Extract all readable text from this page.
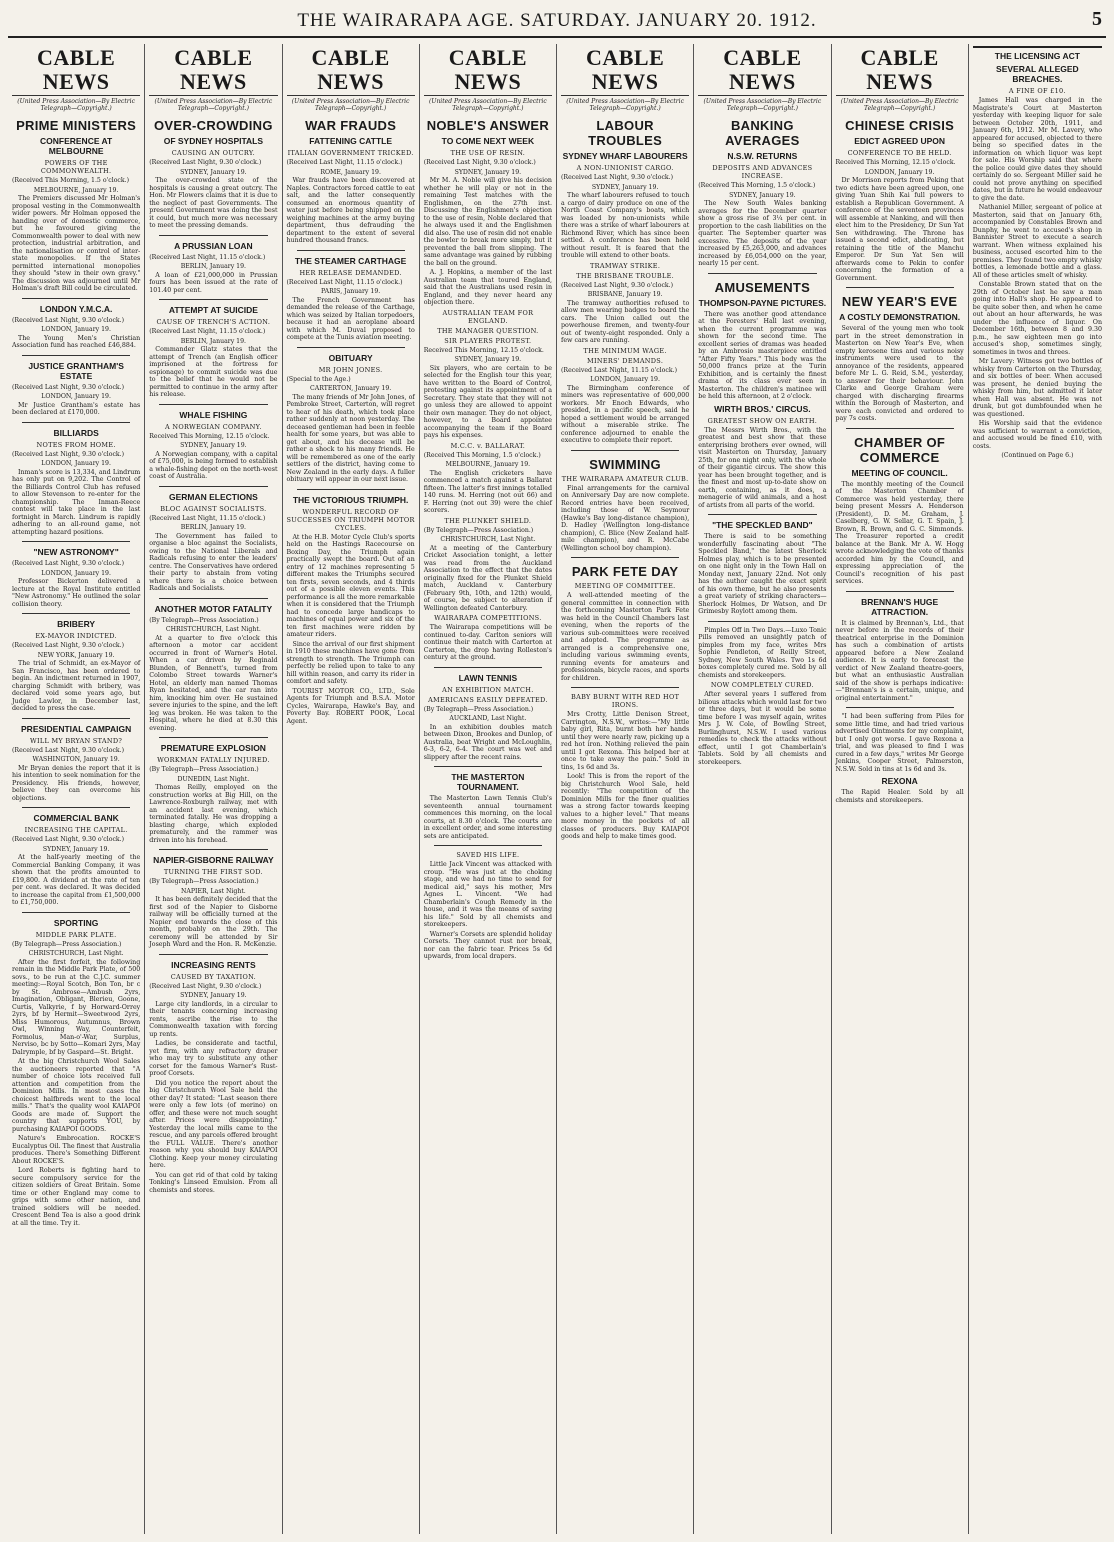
THE WAIRARAPA AGE. SATURDAY. JANUARY 20. 1912.	5
CABLE NEWS
(United Press Association—By Electric Telegraph—Copyright.)
PRIME MINISTERS
CONFERENCE AT MELBOURNE
POWERS OF THE COMMONWEALTH.
(Received This Morning, 1.5 o'clock.)
MELBOURNE, January 19.

The Premiers discussed Mr Holman's proposal vesting in the Commonwealth wider powers. Mr Holman opposed the handing over of domestic commerce, but he favoured giving the Commonwealth power to deal with new protection, industrial arbitration, and the nationalisation or control of inter-state monopolies. If the States permitted international monopolies they should "stew in their own gravy." The discussion was adjourned until Mr Holman's draft Bill could be circulated.

LONDON Y.M.C.A.
(Received Last Night, 9.30 o'clock.)
LONDON, January 19.

The Young Men's Christian Association fund has reached £46,884.

JUSTICE GRANTHAM'S ESTATE
(Received Last Night, 9.30 o'clock.)
LONDON, January 19.

Mr Justice Grantham's estate has been declared at £170,000.

BILLIARDS
NOTES FROM HOME.
(Received Last Night, 9.30 o'clock.)
LONDON, January 19.

Inman's score is 13,334, and Lindrum has only put on 9,202. The Control of the Billiards Control Club has refused to allow Stevenson to re-enter for the championship. The Inman-Reece contest will take place in the last fortnight in March. Lindrum is rapidly adhering to an all-round game, not attempting hazard positions.

"NEW ASTRONOMY"
(Received Last Night, 9.30 o'clock.)
LONDON, January 19.

Professor Bickerton delivered a lecture at the Royal Institute entitled "New Astronomy." He outlined the solar collision theory.

BRIBERY
EX-MAYOR INDICTED.
(Received Last Night, 9.30 o'clock.)
NEW YORK, January 19.

The trial of Schmidt, an ex-Mayor of San Francisco, has been ordered to begin. An indictment returned in 1907, charging Schmidt with bribery, was declared void some years ago, but Judge Lawlor, in December last, decided to press the case.

PRESIDENTIAL CAMPAIGN
WILL MY BRYAN STAND?
(Received Last Night, 9.30 o'clock.)
WASHINGTON, January 19.

Mr Bryan denies the report that it is his intention to seek nomination for the Presidency. His friends, however, believe they can overcome his objections.

COMMERCIAL BANK
INCREASING THE CAPITAL.
(Received Last Night, 9.30 o'clock.)
SYDNEY, January 19.

At the half-yearly meeting of the Commercial Banking Company, it was shown that the profits amounted to £19,800. A dividend at the rate of ten per cent. was declared. It was decided to increase the capital from £1,500,000 to £1,750,000.

SPORTING
MIDDLE PARK PLATE.
(By Telegraph—Press Association.)
CHRISTCHURCH, Last Night.

After the first forfeit, the following remain in the Middle Park Plate, of 500 sovs., to be run at the C.J.C. summer meeting:—Royal Scotch, Bon Ton, br c by St. Ambrose—Ambush 2yrs, Imagination, Obligant, Blerieu, Goone, Curtis, Valkyrie, f by Horward-Orrey 2yrs, bf by Hermit—Sweetwood 2yrs, Miss Humorous, Autumnus, Brown Owl, Winning Way, Counterfeit, Formolus, Man-o'-War, Surplus, Nerviso, bc by Sotto—Komari 2yrs, May Dalrymple, bf by Gaspard—St. Bright.

At the big Christchurch Wool Sales the auctioneers reported that "A number of choice lots received full attention and competition from the Dominion Mills. In most cases the choicest halfbreds went to the local mills." That's the quality wool KAIAPOI Goods are made of. Support the country that supports YOU, by purchasing KAIAPOI GOODS.

Nature's Embrocation. ROCKE'S Eucalyptus Oil. The finest that Australia produces. There's Something Different About ROCKE'S.

Lord Roberts is fighting hard to secure compulsory service for the citizen soldiers of Great Britain. Some time or other England may come to grips with some other nation, and trained soldiers will be needed. Crescent Bend Tea is also a good drink at all the time. Try it.

CABLE NEWS
(United Press Association—By Electric Telegraph—Copyright.)
OVER-CROWDING
OF SYDNEY HOSPITALS
CAUSING AN OUTCRY.
(Received Last Night, 9.30 o'clock.)
SYDNEY, January 19.

The over-crowded state of the hospitals is causing a great outcry. The Hon. Mr Flowers claims that it is due to the neglect of past Governments. The present Government was doing the best it could, but much more was necessary to meet the pressing demands.

A PRUSSIAN LOAN
(Received Last Night, 11.15 o'clock.)
BERLIN, January 19.

A loan of £21,000,000 in Prussian fours has been issued at the rate of 101.40 per cent.

ATTEMPT AT SUICIDE
CAUSE OF TRENCH'S ACTION.
(Received Last Night, 11.15 o'clock.)
BERLIN, January 19.

Commander Glatz states that the attempt of Trench (an English officer imprisoned at the fortress for espionage) to commit suicide was due to the belief that he would not be permitted to continue in the army after his release.

WHALE FISHING
A NORWEGIAN COMPANY.
Received This Morning, 12.15 o'clock.
SYDNEY, January 19.

A Norwegian company, with a capital of £75,000, is being formed to establish a whale-fishing depot on the north-west coast of Australia.

GERMAN ELECTIONS
BLOC AGAINST SOCIALISTS.
(Received Last Night, 11.15 o'clock.)
BERLIN, January 19.

The Government has failed to organise a bloc against the Socialists, owing to the National Liberals and Radicals refusing to enter the leaders' centre. The Conservatives have ordered their party to abstain from voting where there is a choice between Radicals and Socialists.

ANOTHER MOTOR FATALITY
(By Telegraph—Press Association.)
CHRISTCHURCH, Last Night.

At a quarter to five o'clock this afternoon a motor car accident occurred in front of Warner's Hotel. When a car driven by Reginald Blunden, of Bennett's, turned from Colombo Street towards Warner's Hotel, an elderly man named Thomas Ryan hesitated, and the car ran into him, knocking him over. He sustained severe injuries to the spine, and the left leg was broken. He was taken to the Hospital, where he died at 8.30 this evening.

PREMATURE EXPLOSION
WORKMAN FATALLY INJURED.
(By Telegraph—Press Association.)
DUNEDIN, Last Night.

Thomas Reilly, employed on the construction works at Big Hill, on the Lawrence-Roxburgh railway, met with an accident last evening, which terminated fatally. He was dropping a blasting charge, which exploded prematurely, and the rammer was driven into his forehead.

NAPIER-GISBORNE RAILWAY
TURNING THE FIRST SOD.
(By Telegraph—Press Association.)
NAPIER, Last Night.

It has been definitely decided that the first sod of the Napier to Gisborne railway will be officially turned at the Napier end towards the close of this month, probably on the 29th. The ceremony will be attended by Sir Joseph Ward and the Hon. R. McKenzie.

INCREASING RENTS
CAUSED BY TAXATION.
(Received Last Night, 9.30 o'clock.)
SYDNEY, January 19.

Large city landlords, in a circular to their tenants concerning increasing rents, ascribe the rise to the Commonwealth taxation with forcing up rents.

Ladies, be considerate and tactful, yet firm, with any refractory draper who may try to substitute any other corset for the famous Warner's Rust-proof Corsets.

Did you notice the report about the big Christchurch Wool Sale held the other day? It stated: "Last season there were only a few lots (of merino) on offer, and these were not much sought after. Prices were disappointing." Yesterday the local mills came to the rescue, and any parcels offered brought the FULL VALUE. There's another reason why you should buy KAIAPOI Clothing. Keep your money circulating here.

You can get rid of that cold by taking Tonking's Linseed Emulsion. From all chemists and stores.

CABLE NEWS
(United Press Association—By Electric Telegraph—Copyright.)
WAR FRAUDS
FATTENING CATTLE
ITALIAN GOVERNMENT TRICKED.
(Received Last Night, 11.15 o'clock.)
ROME, January 19.

War frauds have been discovered at Naples. Contractors forced cattle to eat salt, and the latter consequently consumed an enormous quantity of water just before being shipped on the weighing machines at the army buying department, thus defrauding the department to the extent of several hundred thousand francs.

THE STEAMER CARTHAGE
HER RELEASE DEMANDED.
(Received Last Night, 11.15 o'clock.)
PARIS, January 19.

The French Government has demanded the release of the Carthage, which was seized by Italian torpedoers, because it had an aeroplane aboard with which M. Duval proposed to compete at the Tunis aviation meeting.

OBITUARY
MR JOHN JONES.
(Special to the Age.)
CARTERTON, January 19.

The many friends of Mr John Jones, of Pembroke Street, Carterton, will regret to hear of his death, which took place rather suddenly at noon yesterday. The deceased gentleman had been in feeble health for some years, but was able to get about, and his decease will be rather a shock to his many friends. He will be remembered as one of the early settlers of the district, having come to New Zealand in the early days. A fuller obituary will appear in our next issue.

THE VICTORIOUS TRIUMPH.
WONDERFUL RECORD OF SUCCESSES ON TRIUMPH MOTOR CYCLES.

At the H.B. Motor Cycle Club's sports held on the Hastings Racecourse on Boxing Day, the Triumph again practically swept the board. Out of an entry of 12 machines representing 5 different makes the Triumphs secured ten firsts, seven seconds, and 4 thirds out of a possible eleven events. This performance is all the more remarkable when it is considered that the Triumph had to concede large handicaps to machines of equal power and six of the ten first machines were ridden by amateur riders.

Since the arrival of our first shipment in 1910 these machines have gone from strength to strength. The Triumph can perfectly be relied upon to take to any hill within reason, and carry its rider in comfort and safety.

TOURIST MOTOR CO., LTD., Sole Agents for Triumph and B.S.A. Motor Cycles, Wairarapa, Hawke's Bay, and Poverty Bay. ROBERT POOK, Local Agent.

CABLE NEWS
(United Press Association—By Electric Telegraph—Copyright.)
NOBLE'S ANSWER
TO COME NEXT WEEK
THE USE OF RESIN.
(Received Last Night, 9.30 o'clock.)
SYDNEY, January 19.

Mr M. A. Noble will give his decision whether he will play or not in the remaining Test matches with the Englishmen, on the 27th inst. Discussing the Englishmen's objection to the use of resin, Noble declared that he always used it and the Englishmen did also. The use of resin did not enable the bowler to break more simply, but it prevented the ball from slipping. The same advantage was gained by rubbing the ball on the ground.

A. J. Hopkins, a member of the last Australian team that toured England, said that the Australians used resin in England, and they never heard any objection there.

AUSTRALIAN TEAM FOR ENGLAND.
THE MANAGER QUESTION.
SIR PLAYERS PROTEST.
Received This Morning, 12.15 o'clock.
SYDNEY, January 19.

Six players, who are certain to be selected for the English tour this year, have written to the Board of Control, protesting against its appointment of a Secretary. They state that they will not go unless they are allowed to appoint their own manager. They do not object, however, to a Board appointee accompanying the team if the Board pays his expenses.

M.C.C. v. BALLARAT.
(Received This Morning, 1.5 o'clock.)
MELBOURNE, January 19.

The English cricketers have commenced a match against a Ballarat fifteen. The latter's first innings totalled 140 runs. M. Herring (not out 66) and F. Herring (not out 39) were the chief scorers.

THE PLUNKET SHIELD.
(By Telegraph—Press Association.)
CHRISTCHURCH, Last Night.

At a meeting of the Canterbury Cricket Association tonight, a letter was read from the Auckland Association to the effect that the dates originally fixed for the Plunket Shield match, Auckland v. Canterbury (February 9th, 10th, and 12th) would, of course, be subject to alteration if Wellington defeated Canterbury.

WAIRARAPA COMPETITIONS.

The Wairarapa competitions will be continued to-day. Carlton seniors will continue their match with Carterton at Carterton, the drop having Rolleston's century at the ground.

LAWN TENNIS
AN EXHIBITION MATCH.
AMERICANS EASILY DEFEATED.
(By Telegraph—Press Association.)
AUCKLAND, Last Night.

In an exhibition doubles match between Dixon, Brookes and Dunlop, of Australia, beat Wright and McLoughlin, 6-3, 6-2, 6-4. The court was wet and slippery after the recent rains.

THE MASTERTON TOURNAMENT.

The Masterton Lawn Tennis Club's seventeenth annual tournament commences this morning, on the local courts, at 8.30 o'clock. The courts are in excellent order, and some interesting sets are anticipated.

SAVED HIS LIFE.

Little Jack Vincent was attacked with croup. "He was just at the choking stage, and we had no time to send for medical aid," says his mother, Mrs Agnes L. Vincent. "We had Chamberlain's Cough Remedy in the house, and it was the means of saving his life." Sold by all chemists and storekeepers.

Warner's Corsets are splendid holiday Corsets. They cannot rust nor break, nor can the fabric tear. Prices 5s 6d upwards, from local drapers.

CABLE NEWS
(United Press Association—By Electric Telegraph—Copyright.)
LABOUR TROUBLES
SYDNEY WHARF LABOURERS
A NON-UNIONIST CARGO.
(Received Last Night, 9.30 o'clock.)
SYDNEY, January 19.

The wharf labourers refused to touch a cargo of dairy produce on one of the North Coast Company's boats, which was loaded by non-unionists while there was a strike of wharf labourers at Richmond River, which has since been settled. A conference has been held without result. It is feared that the trouble will extend to other boats.

TRAMWAY STRIKE.
THE BRISBANE TROUBLE.
(Received Last Night, 9.30 o'clock.)
BRISBANE, January 19.

The tramway authorities refused to allow men wearing badges to board the cars. The Union called out the powerhouse firemen, and twenty-four out of twenty-eight responded. Only a few cars are running.

THE MINIMUM WAGE.
MINERS' DEMANDS.
(Received Last Night, 11.15 o'clock.)
LONDON, January 19.

The Birmingham conference of miners was representative of 600,000 workers. Mr Enoch Edwards, who presided, in a pacific speech, said he hoped a settlement would be arranged without a miserable strike. The conference adjourned to enable the executive to complete their report.

SWIMMING
THE WAIRARAPA AMATEUR CLUB.

Final arrangements for the carnival on Anniversary Day are now complete. Record entries have been received, including those of W. Seymour (Hawke's Bay long-distance champion), D. Hadley (Wellington long-distance champion), C. Blice (New Zealand half-mile champion), and R. McCabe (Wellington school boy champion).

PARK FETE DAY
MEETING OF COMMITTEE.

A well-attended meeting of the general committee in connection with the forthcoming Masterton Park Fete was held in the Council Chambers last evening, when the reports of the various sub-committees were received and adopted. The programme as arranged is a comprehensive one, including various swimming events, running events for amateurs and professionals, bicycle races, and sports for children.

BABY BURNT WITH RED HOT IRONS.

Mrs Crotty, Little Denison Street, Carrington, N.S.W., writes:—"My little baby girl, Rita, burnt both her hands until they were nearly raw, picking up a red hot iron. Nothing relieved the pain until I got Rexona. This helped her at once to take away the pain." Sold in tins, 1s 6d and 3s.

Look! This is from the report of the big Christchurch Wool Sale, held recently: "The competition of the Dominion Mills for the finer qualities was a strong factor towards keeping values to a higher level." That means more money in the pockets of all classes of producers. Buy KAIAPOI goods and help to make times good.

CABLE NEWS
(United Press Association—By Electric Telegraph—Copyright.)
BANKING AVERAGES
N.S.W. RETURNS
DEPOSITS AND ADVANCES INCREASE.
(Received This Morning, 1.5 o'clock.)
SYDNEY, January 19.

The New South Wales banking averages for the December quarter show a gross rise of 3¼ per cent. in proportion to the cash liabilities on the quarter. The September quarter was excessive. The deposits of the year increased by £5,263,000, and advances increased by £6,054,000 on the year, nearly 15 per cent.

AMUSEMENTS
THOMPSON-PAYNE PICTURES.

There was another good attendance at the Foresters' Hall last evening, when the current programme was shown for the second time. The excellent series of dramas was headed by an Ambrosio masterpiece entitled "After Fifty Years." This body was the 50,000 francs prize at the Turin Exhibition, and is certainly the finest drama of its class ever seen in Masterton. The children's matinee will be held this afternoon, at 2 o'clock.

WIRTH BROS.' CIRCUS.
GREATEST SHOW ON EARTH.

The Messrs Wirth Bros., with the greatest and best show that these enterprising brothers ever owned, will visit Masterton on Thursday, January 25th, for one night only, with the whole of their gigantic circus. The show this year has been brought together, and is the finest and most up-to-date show on earth, containing, as it does, a menagerie of wild animals, and a host of artists from all parts of the world.

"THE SPECKLED BAND"

There is said to be something wonderfully fascinating about "The Speckled Band," the latest Sherlock Holmes play, which is to be presented on one night only in the Town Hall on Monday next, January 22nd. Not only has the author caught the exact spirit of his own theme, but he also presents a great variety of striking characters—Sherlock Holmes, Dr Watson, and Dr Grimesby Roylott among them.

Pimples Off in Two Days.—Luxo Tonic Pills removed an unsightly patch of pimples from my face, writes Mrs Sophie Pendleton, of Reilly Street, Sydney, New South Wales. Two 1s 6d boxes completely cured me. Sold by all chemists and storekeepers.

NOW COMPLETELY CURED.

After several years I suffered from bilious attacks which would last for two or three days, but it would be some time before I was myself again, writes Mrs J. W. Cole, of Bowling Street, Burlinghurst, N.S.W. I used various remedies to check the attacks without effect, until I got Chamberlain's Tablets. Sold by all chemists and storekeepers.

CABLE NEWS
(United Press Association—By Electric Telegraph—Copyright.)
CHINESE CRISIS
EDICT AGREED UPON
CONFERENCE TO BE HELD.
Received This Morning, 12.15 o'clock.
LONDON, January 19.

Dr Morrison reports from Peking that two edicts have been agreed upon, one giving Yuan Shih Kai full powers to establish a Republican Government. A conference of the seventeen provinces will assemble at Nanking, and will then elect him to the Presidency, Dr Sun Yat Sen withdrawing. The Throne has issued a second edict, abdicating, but retaining the title of the Manchu Emperor. Dr Sun Yat Sen will afterwards come to Pekin to confer concerning the formation of a Government.

NEW YEAR'S EVE
A COSTLY DEMONSTRATION.

Several of the young men who took part in the street demonstration in Masterton on New Year's Eve, when empty kerosene tins and various noisy instruments were used to the annoyance of the residents, appeared before Mr L. G. Reid, S.M., yesterday, to answer for their behaviour. John Clarke and George Graham were charged with discharging firearms within the Borough of Masterton, and were each convicted and ordered to pay 7s costs.

CHAMBER OF COMMERCE
MEETING OF COUNCIL.

The monthly meeting of the Council of the Masterton Chamber of Commerce was held yesterday, there being present Messrs A. Henderson (President), D. M. Graham, J. Caselberg, G. W. Sellar, G. T. Spain, J. Brown, R. Brown, and G. C. Simmonds. The Treasurer reported a credit balance at the Bank. Mr A. W. Hogg wrote acknowledging the vote of thanks accorded him by the Council, and expressing appreciation of the Council's recognition of his past services.

BRENNAN'S HUGE ATTRACTION.

It is claimed by Brennan's, Ltd., that never before in the records of their theatrical enterprise in the Dominion has such a combination of artists appeared before a New Zealand audience. It is early to forecast the verdict of New Zealand theatre-goers, but what an enthusiastic Australian said of the show is perhaps indicative:—"Brennan's is a certain, unique, and original entertainment."

"I had been suffering from Piles for some little time, and had tried various advertised Ointments for my complaint, but I only got worse. I gave Rexona a trial, and was pleased to find I was cured in a few days," writes Mr George Jenkins, Cooper Street, Palmerston, N.S.W. Sold in tins at 1s 6d and 3s.

REXONA

The Rapid Healer. Sold by all chemists and storekeepers.

THE LICENSING ACT
SEVERAL ALLEGED BREACHES.
A FINE OF £10.

James Hall was charged in the Magistrate's Court at Masterton yesterday with keeping liquor for sale between October 20th, 1911, and January 6th, 1912. Mr M. Lavery, who appeared for accused, objected to there being so specified dates in the information on which liquor was kept for sale. His Worship said that where the police could give dates they should certainly do so. Sergeant Miller said he could not prove anything on specified dates, but in future he would endeavour to give the date.

Nathaniel Miller, sergeant of police at Masterton, said that on January 6th, accompanied by Constables Brown and Dunphy, he went to accused's shop in Bannister Street to execute a search warrant. When witness explained his business, accused escorted him to the premises. They found two empty whisky bottles, a lemonade bottle and a glass. All of these articles smelt of whisky.

Constable Brown stated that on the 29th of October last he saw a man going into Hall's shop. He appeared to be quite sober then, and when he came out about an hour afterwards, he was under the influence of liquor. On December 16th, between 8 and 9.30 p.m., he saw eighteen men go into accused's shop, sometimes singly, sometimes in twos and threes.

Mr Lavery: Witness got two bottles of whisky from Carterton on the Thursday, and six bottles of beer. When accused was present, he denied buying the whisky from him, but admitted it later when Hall was absent. He was not drunk, but got dumbfounded when he was questioned.

His Worship said that the evidence was sufficient to warrant a conviction, and accused would be fined £10, with costs.

(Continued on Page 6.)
